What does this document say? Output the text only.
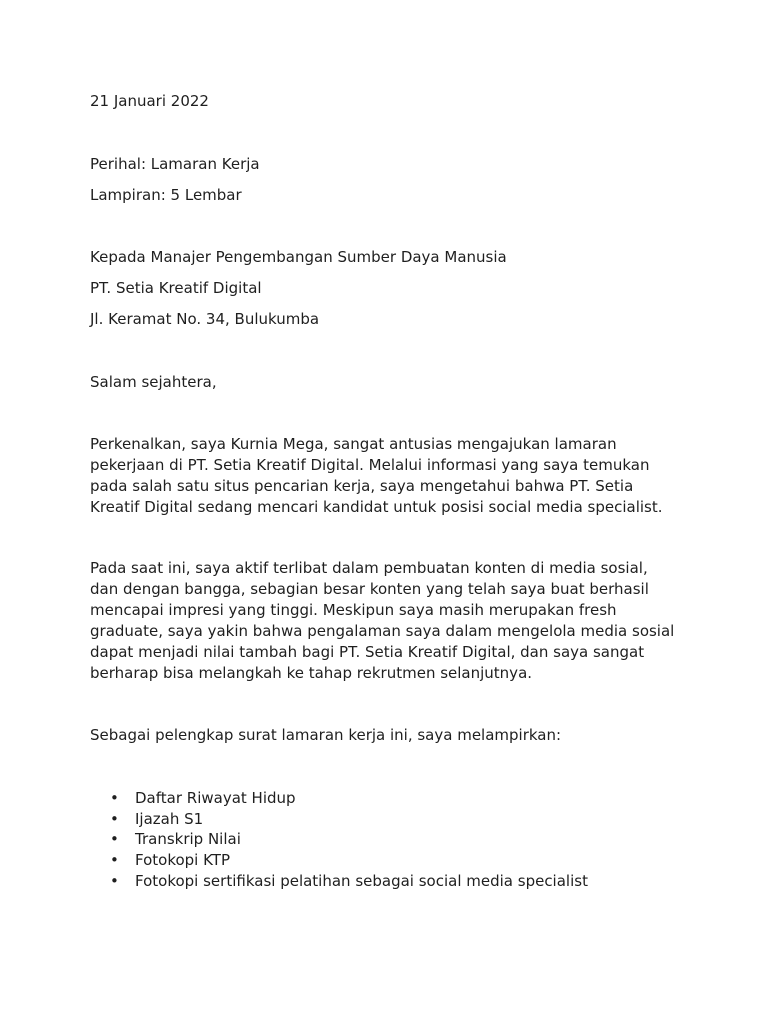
21 Januari 2022

Perihal: Lamaran Kerja

Lampiran: 5 Lembar

Kepada Manajer Pengembangan Sumber Daya Manusia

PT. Setia Kreatif Digital

Jl. Keramat No. 34, Bulukumba

Salam sejahtera,

Perkenalkan, saya Kurnia Mega, sangat antusias mengajukan lamaran
pekerjaan di PT. Setia Kreatif Digital. Melalui informasi yang saya temukan
pada salah satu situs pencarian kerja, saya mengetahui bahwa PT. Setia
Kreatif Digital sedang mencari kandidat untuk posisi social media specialist.
Pada saat ini, saya aktif terlibat dalam pembuatan konten di media sosial,
dan dengan bangga, sebagian besar konten yang telah saya buat berhasil
mencapai impresi yang tinggi. Meskipun saya masih merupakan fresh
graduate, saya yakin bahwa pengalaman saya dalam mengelola media sosial
dapat menjadi nilai tambah bagi PT. Setia Kreatif Digital, dan saya sangat
berharap bisa melangkah ke tahap rekrutmen selanjutnya.

Sebagai pelengkap surat lamaran kerja ini, saya melampirkan:

• Daftar Riwayat Hidup
• Ijazah S1
• Transkrip Nilai
• Fotokopi KTP
• Fotokopi sertifikasi pelatihan sebagai social media specialist
